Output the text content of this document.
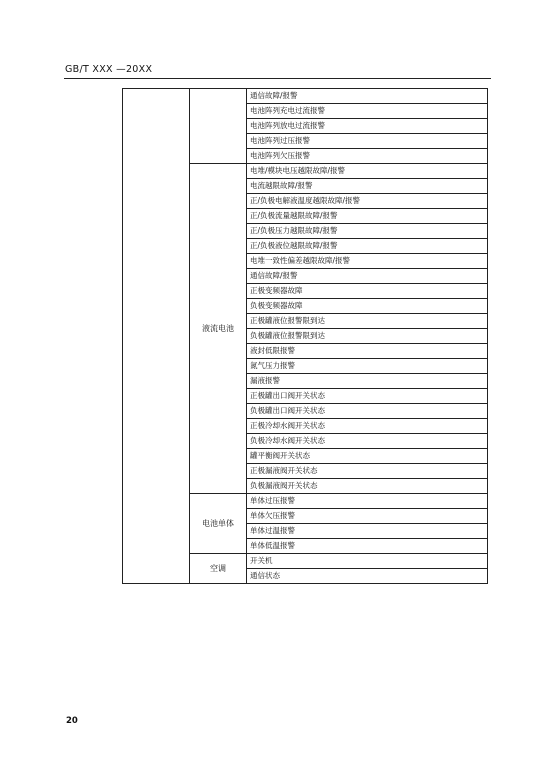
GB/T XXX —20XX
		通信故障/报警
		电池阵列充电过流报警
		电池阵列放电过流报警
		电池阵列过压报警
		电池阵列欠压报警
	液流电池	电堆/模块电压越限故障/报警
		电流越限故障/报警
		正/负极电解液温度越限故障/报警
		正/负极流量越限故障/报警
		正/负极压力越限故障/报警
		正/负极液位越限故障/报警
		电堆一致性偏差越限故障/报警
		通信故障/报警
		正极变频器故障
		负极变频器故障
		正极罐液位报警限到达
		负极罐液位报警限到达
		液封低限报警
		氮气压力报警
		漏液报警
		正极罐出口阀开关状态
		负极罐出口阀开关状态
		正极冷却水阀开关状态
		负极冷却水阀开关状态
		罐平衡阀开关状态
		正极漏液阀开关状态
		负极漏液阀开关状态
	电池单体	单体过压报警
		单体欠压报警
		单体过温报警
		单体低温报警
	空调	开关机
		通信状态
20
